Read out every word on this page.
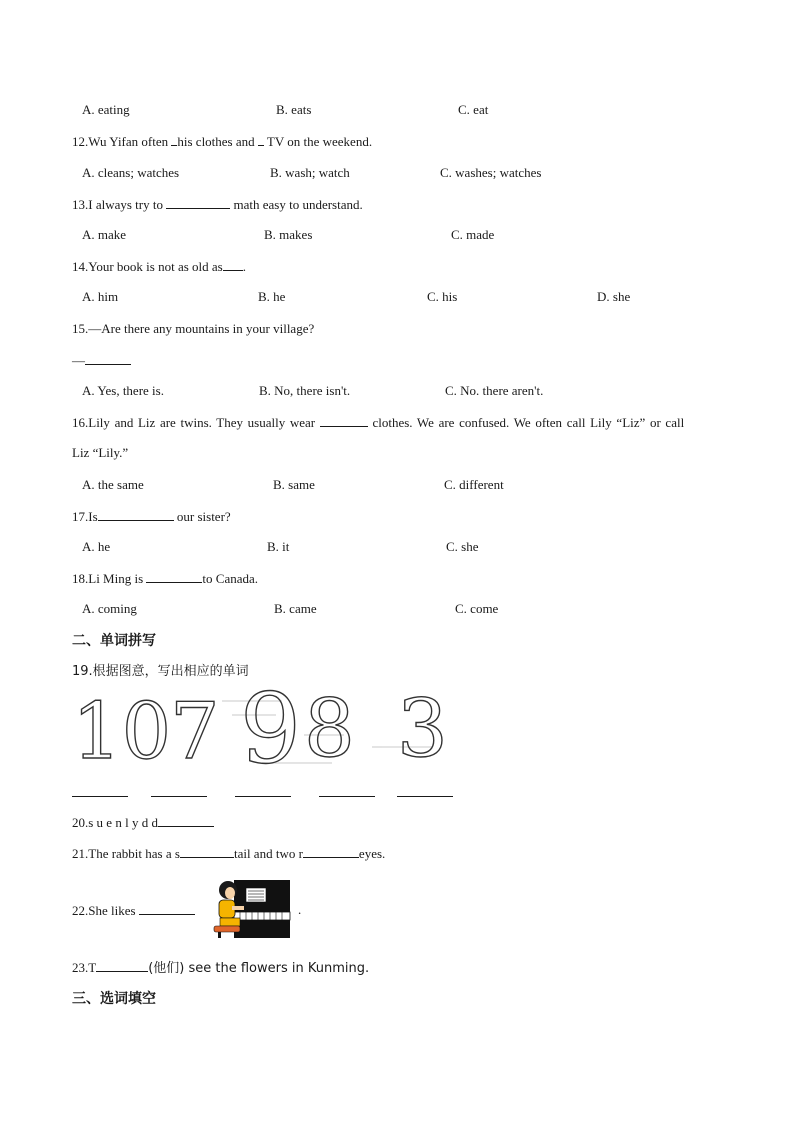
A. eating	B. eats	C. eat
12.Wu Yifan often his clothes and  TV on the weekend.
A. cleans; watches	B. wash; watch	C. washes; watches
13.I always try to	math easy to understand.
A. make	B. makes	C. made
14.Your book is not as old as .
A. him	B. he	C. his	D. she
15.—Are there any mountains in your village?
—
A. Yes, there is.	B. No, there isn't.	C. No. there aren't.
16.Lily and Liz are twins. They usually wear	clothes. We are confused. We often call Lily “Liz” or call
Liz “Lily.”
A. the same	B. same	C. different
17.Is	our sister?
A. he	B. it	C. she
18.Li Ming is	to Canada.
A. coming	B. came	C. come
二、单词拼写
19.根据图意，写出相应的单词
10
7 9 8 3
20.s u e n l y d d
21.The rabbit has a s	tail and two r	eyes.
22.She likes	.
23.T	(他们) see the flowers in Kunming.
三、选词填空
